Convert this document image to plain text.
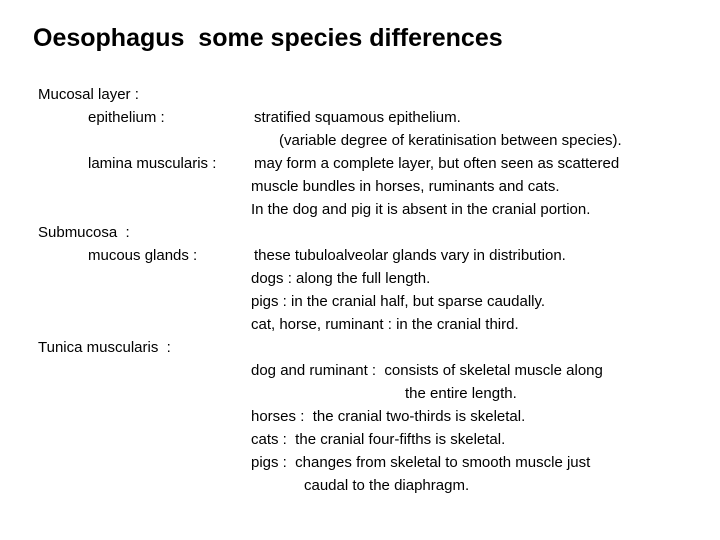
Oesophagus  some species differences
Mucosal layer :
epithelium :	stratified squamous epithelium.
(variable degree of keratinisation between species).
lamina muscularis :	may form a complete layer, but often seen as scattered
muscle bundles in horses, ruminants and cats.
In the dog and pig it is absent in the cranial portion.
Submucosa  :
mucous glands :	these tubuloalveolar glands vary in distribution.
dogs : along the full length.
pigs : in the cranial half, but sparse caudally.
cat, horse, ruminant : in the cranial third.
Tunica muscularis  :
dog and ruminant :  consists of skeletal muscle along
the entire length.
horses :  the cranial two-thirds is skeletal.
cats :  the cranial four-fifths is skeletal.
pigs :  changes from skeletal to smooth muscle just
caudal to the diaphragm.
